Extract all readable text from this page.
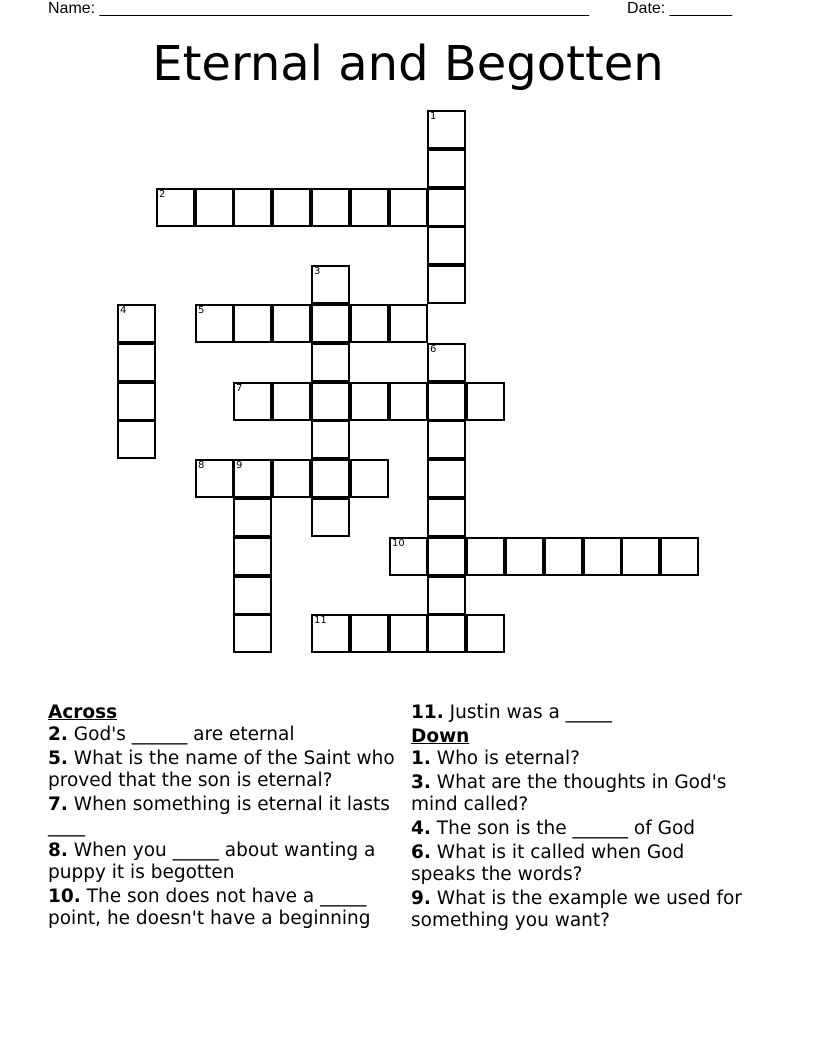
Name: _______________________________________________________ Date: _______
Eternal and Begotten
1
2
3
4	5
6
7
8	9
10
11
Across
2. God's ______ are eternal
5. What is the name of the Saint who proved that the son is eternal?
7. When something is eternal it lasts ____
8. When you _____ about wanting a puppy it is begotten
10. The son does not have a _____ point, he doesn't have a beginning
11. Justin was a _____
Down
1. Who is eternal?
3. What are the thoughts in God's mind called?
4. The son is the ______ of God
6. What is it called when God speaks the words?
9. What is the example we used for something you want?
